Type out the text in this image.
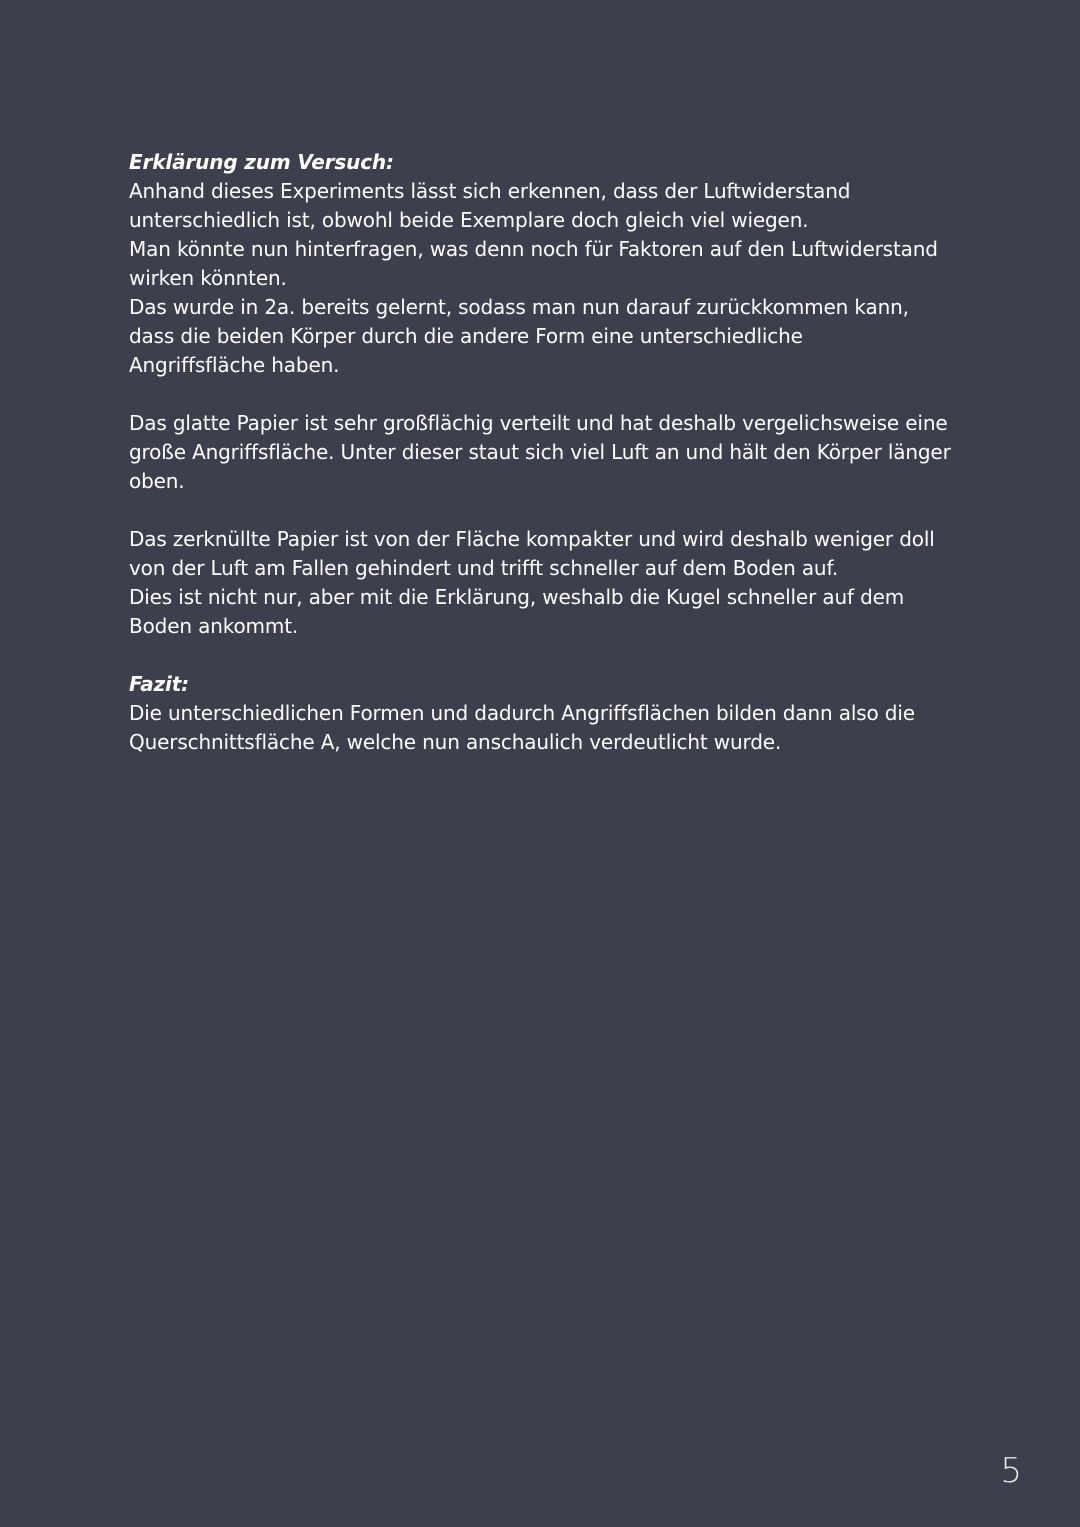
Erklärung zum Versuch:
Anhand dieses Experiments lässt sich erkennen, dass der Luftwiderstand
unterschiedlich ist, obwohl beide Exemplare doch gleich viel wiegen.
Man könnte nun hinterfragen, was denn noch für Faktoren auf den Luftwiderstand
wirken könnten.
Das wurde in 2a. bereits gelernt, sodass man nun darauf zurückkommen kann,
dass die beiden Körper durch die andere Form eine unterschiedliche
Angriffsfläche haben.
Das glatte Papier ist sehr großflächig verteilt und hat deshalb vergelichsweise eine
große Angriffsfläche. Unter dieser staut sich viel Luft an und hält den Körper länger
oben.
Das zerknüllte Papier ist von der Fläche kompakter und wird deshalb weniger doll
von der Luft am Fallen gehindert und trifft schneller auf dem Boden auf.
Dies ist nicht nur, aber mit die Erklärung, weshalb die Kugel schneller auf dem
Boden ankommt.
Fazit:
Die unterschiedlichen Formen und dadurch Angriffsflächen bilden dann also die
Querschnittsfläche A, welche nun anschaulich verdeutlicht wurde.
5
